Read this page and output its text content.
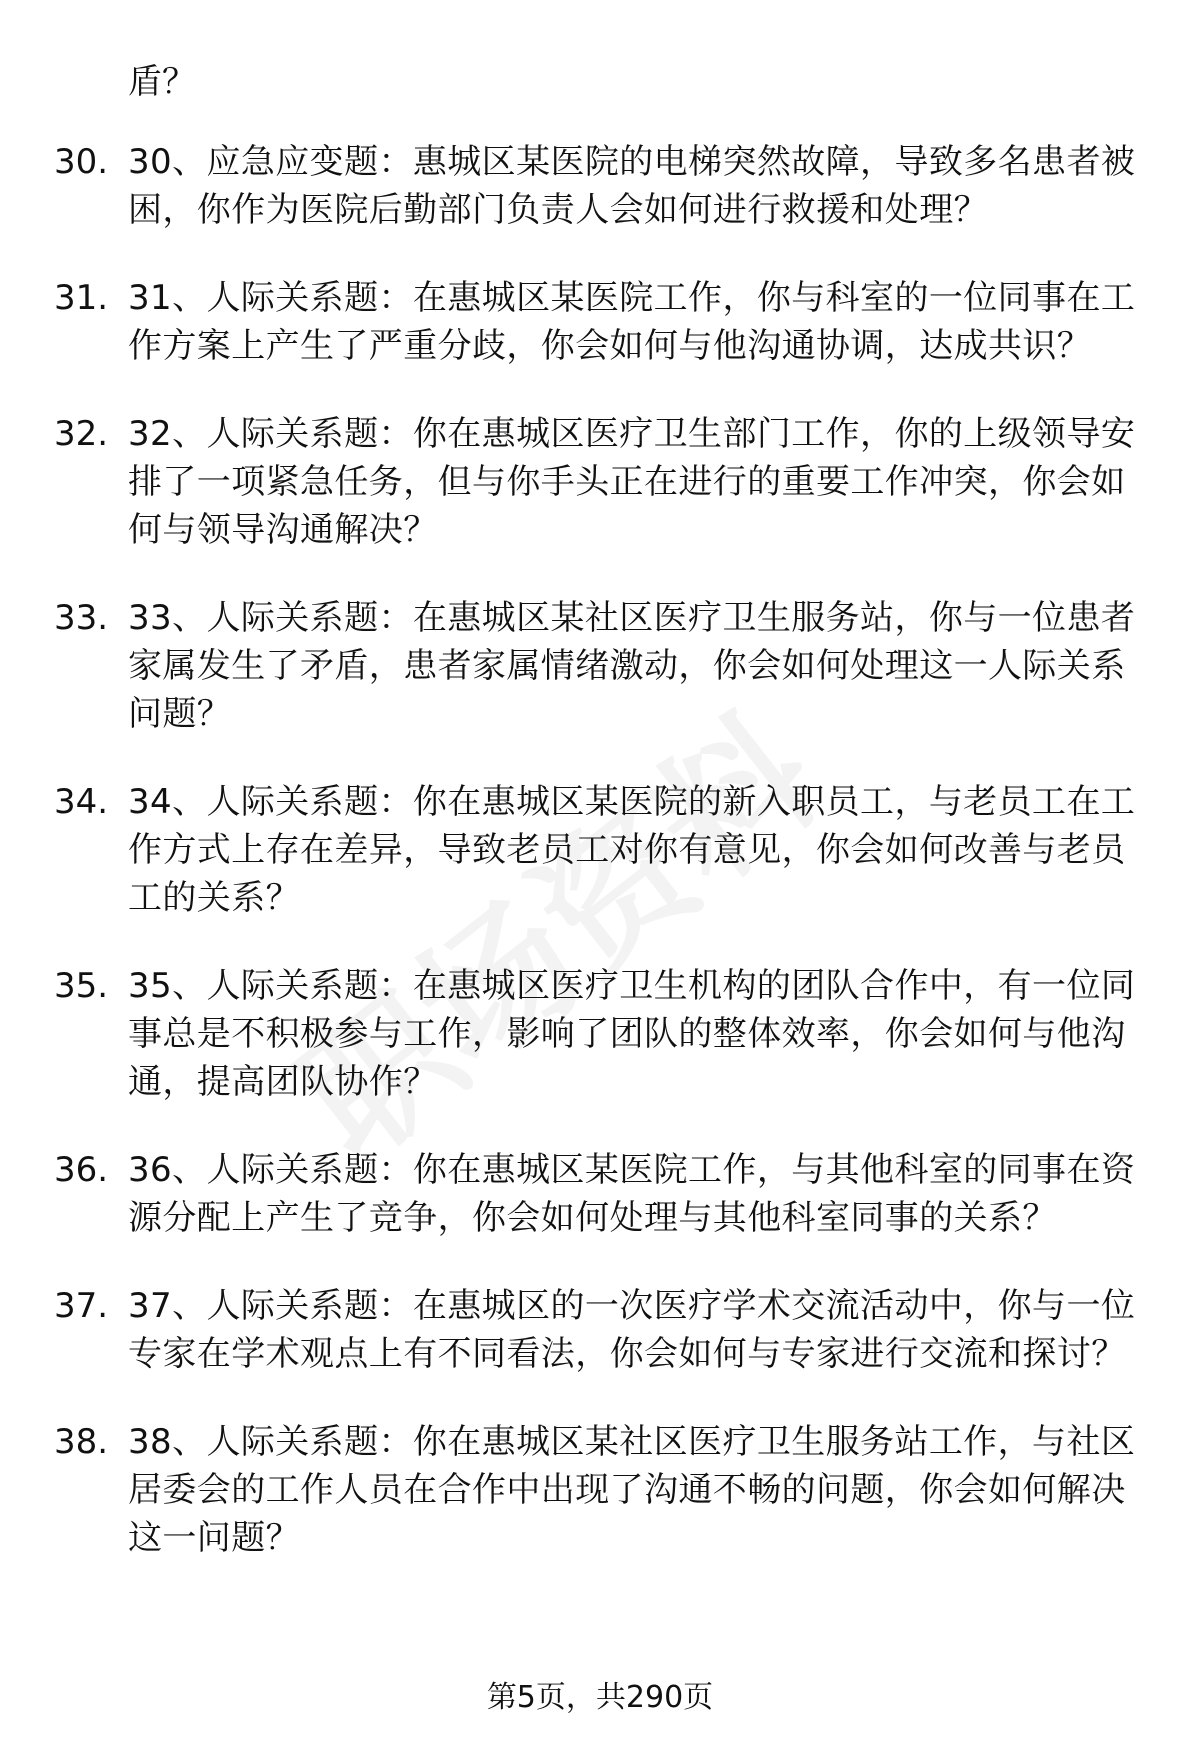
盾？
30. 30、应急应变题：惠城区某医院的电梯突然故障，导致多名患者被困，你作为医院后勤部门负责人会如何进行救援和处理？
31. 31、人际关系题：在惠城区某医院工作，你与科室的一位同事在工作方案上产生了严重分歧，你会如何与他沟通协调，达成共识？
32. 32、人际关系题：你在惠城区医疗卫生部门工作，你的上级领导安排了一项紧急任务，但与你手头正在进行的重要工作冲突，你会如何与领导沟通解决？
33. 33、人际关系题：在惠城区某社区医疗卫生服务站，你与一位患者家属发生了矛盾，患者家属情绪激动，你会如何处理这一人际关系问题？
34. 34、人际关系题：你在惠城区某医院的新入职员工，与老员工在工作方式上存在差异，导致老员工对你有意见，你会如何改善与老员工的关系？
35. 35、人际关系题：在惠城区医疗卫生机构的团队合作中，有一位同事总是不积极参与工作，影响了团队的整体效率，你会如何与他沟通，提高团队协作？
36. 36、人际关系题：你在惠城区某医院工作，与其他科室的同事在资源分配上产生了竞争，你会如何处理与其他科室同事的关系？
37. 37、人际关系题：在惠城区的一次医疗学术交流活动中，你与一位专家在学术观点上有不同看法，你会如何与专家进行交流和探讨？
38. 38、人际关系题：你在惠城区某社区医疗卫生服务站工作，与社区居委会的工作人员在合作中出现了沟通不畅的问题，你会如何解决这一问题？
第5页，共290页
